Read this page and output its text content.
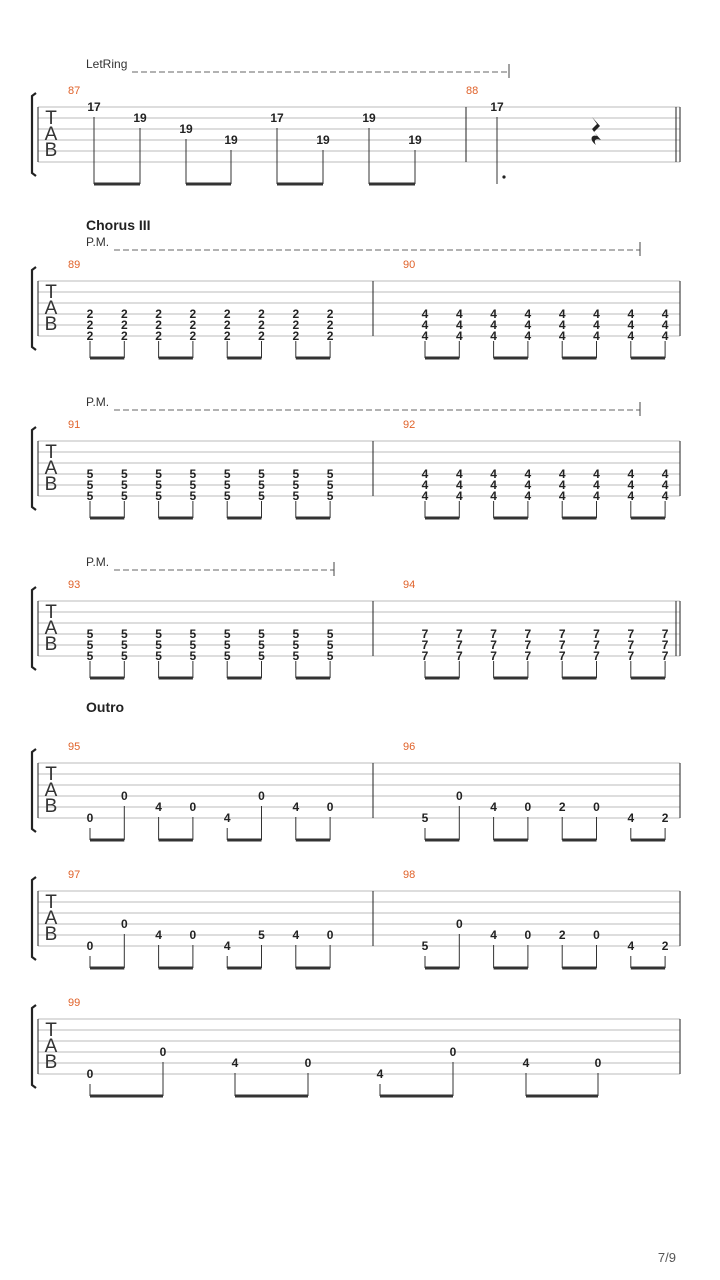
T
A
B
LetRing
87
17
19
19
19
17
19
19
19
88
17
T
A
B
Chorus III
P.M.
89
2
2
2
2
2
2
2
2
2
2
2
2
2
2
2
2
2
2
2
2
2
2
2
2
90
4
4
4
4
4
4
4
4
4
4
4
4
4
4
4
4
4
4
4
4
4
4
4
4
T
A
B
P.M.
91
5
5
5
5
5
5
5
5
5
5
5
5
5
5
5
5
5
5
5
5
5
5
5
5
92
4
4
4
4
4
4
4
4
4
4
4
4
4
4
4
4
4
4
4
4
4
4
4
4
T
A
B
P.M.
93
5
5
5
5
5
5
5
5
5
5
5
5
5
5
5
5
5
5
5
5
5
5
5
5
94
7
7
7
7
7
7
7
7
7
7
7
7
7
7
7
7
7
7
7
7
7
7
7
7
T
A
B
Outro
95
0
0
4 0
4
0
4 0
96
5
0
4 0 2 0
4 2
T
A
B
97
0
0
4 0
4
5 4 0
98
5
0
4 0 2 0
4 2
T
A
B
99
0
0
4	0
4
0
4	0
7/9
